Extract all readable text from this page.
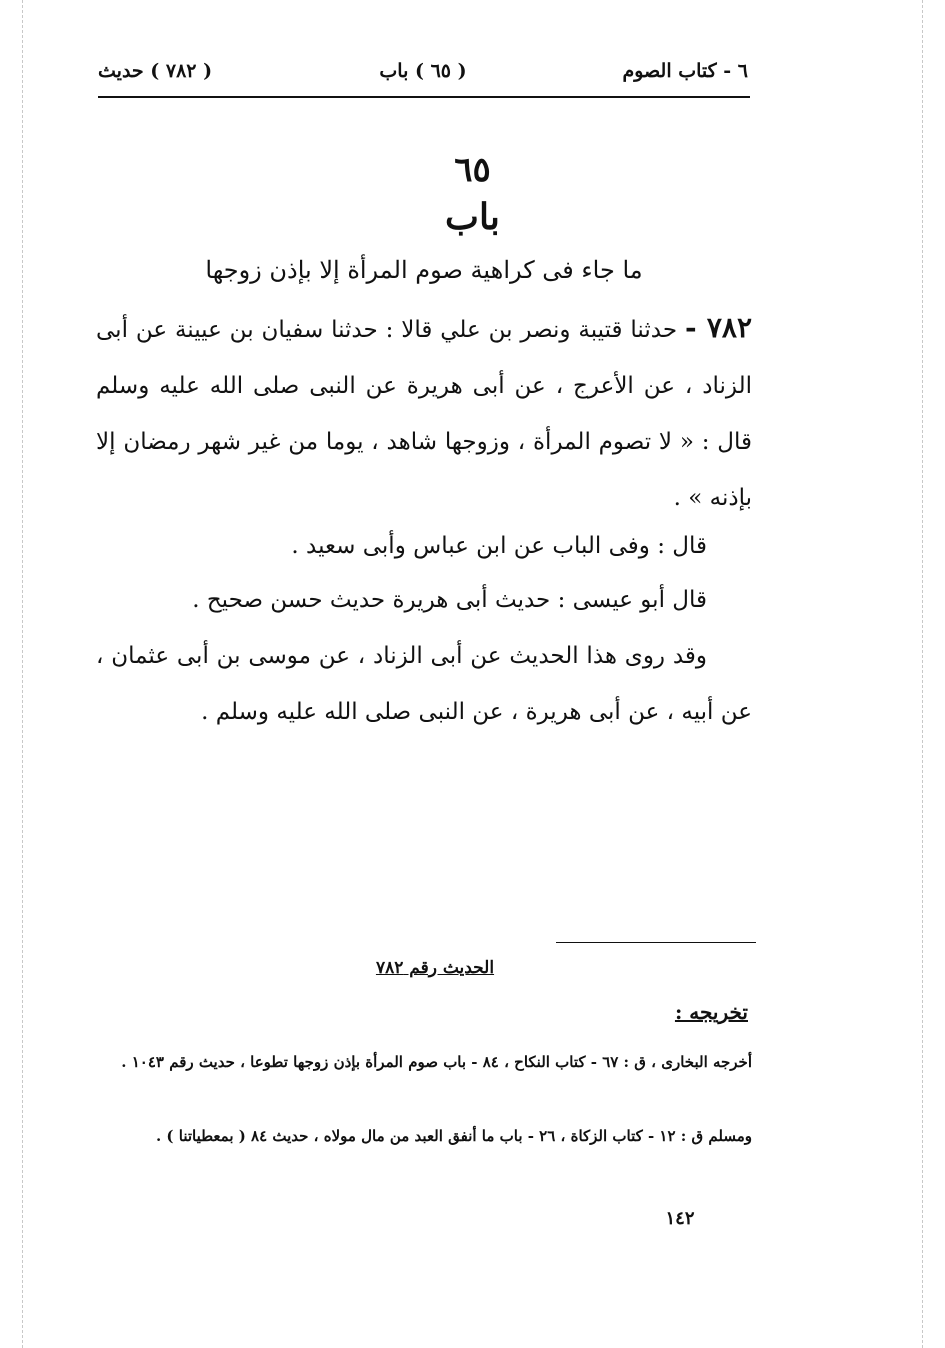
٦ - كتاب الصوم
( ٦٥ ) باب
( ٧٨٢ ) حديث
٦٥
باب
ما جاء فى كراهية صوم المرأة إلا بإذن زوجها
٧٨٢ - حدثنا قتيبة ونصر بن علي قالا : حدثنا سفيان بن عيينة عن أبى الزناد ، عن الأعرج ، عن أبى هريرة عن النبى صلى الله عليه وسلم قال : « لا تصوم المرأة ، وزوجها شاهد ، يوما من غير شهر رمضان إلا بإذنه » .
قال : وفى الباب عن ابن عباس وأبى سعيد .
قال أبو عيسى : حديث أبى هريرة حديث حسن صحيح .
وقد روى هذا الحديث عن أبى الزناد ، عن موسى بن أبى عثمان ، عن أبيه ، عن أبى هريرة ، عن النبى صلى الله عليه وسلم .
الحديث رقم ٧٨٢
تخريجه :
أخرجه البخارى ، ق : ٦٧ - كتاب النكاح ، ٨٤ - باب صوم المرأة بإذن زوجها تطوعا ، حديث رقم ١٠٤٣ .
ومسلم ق : ١٢ - كتاب الزكاة ، ٢٦ - باب ما أنفق العبد من مال مولاه ، حديث ٨٤ ( بمعطياتنا ) .
١٤٢
